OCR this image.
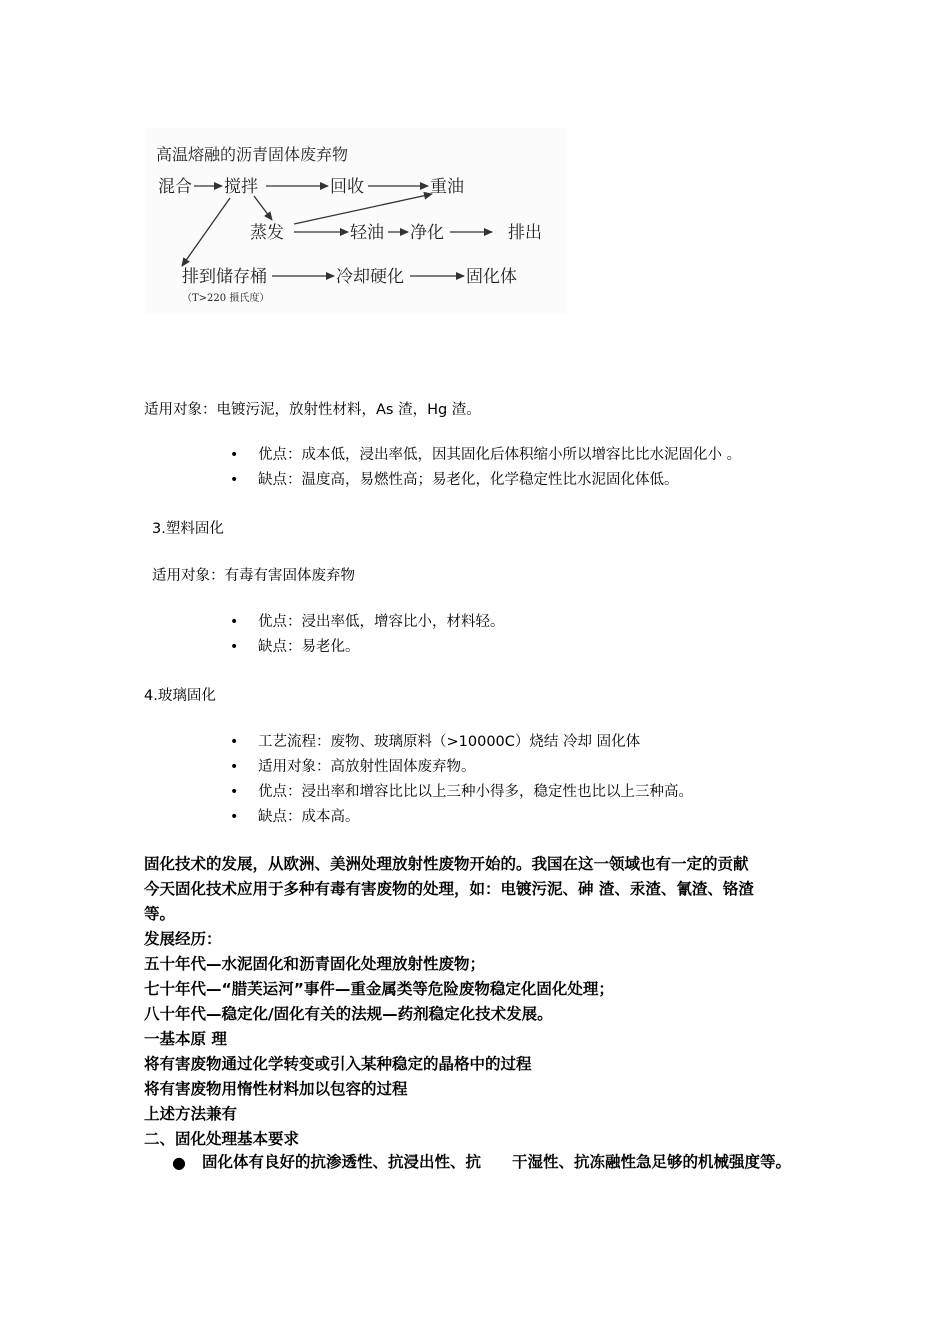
高温熔融的沥青固体废弃物
混合 搅拌	回收	重油
蒸发	轻油 净化	排出
排到储存桶	冷却硬化	固化体
（T>220 摄氏度）
适用对象：电镀污泥，放射性材料，As 渣，Hg 渣。
• 优点：成本低，浸出率低，因其固化后体积缩小所以增容比比水泥固化小 。
• 缺点：温度高，易燃性高；易老化，化学稳定性比水泥固化体低。
3.塑料固化
适用对象：有毒有害固体废弃物
• 优点：浸出率低，增容比小，材料轻。
• 缺点：易老化。
4.玻璃固化
• 工艺流程：废物、玻璃原料（>10000C）烧结 冷却 固化体
• 适用对象：高放射性固体废弃物。
• 优点：浸出率和增容比比以上三种小得多，稳定性也比以上三种高。
• 缺点：成本高。
固化技术的发展，从欧洲、美洲处理放射性废物开始的。我国在这一领域也有一定的贡献
今天固化技术应用于多种有毒有害废物的处理，如：电镀污泥、砷 渣、汞渣、氰渣、铬渣
等。
发展经历：
五十年代—水泥固化和沥青固化处理放射性废物；
七十年代—“腊芙运河”事件—重金属类等危险废物稳定化固化处理；
八十年代—稳定化/固化有关的法规—药剂稳定化技术发展。
一基本原 理
将有害废物通过化学转变或引入某种稳定的晶格中的过程
将有害废物用惰性材料加以包容的过程
上述方法兼有
二、固化处理基本要求
● 固化体有良好的抗渗透性、抗浸出性、抗　　干湿性、抗冻融性急足够的机械强度等。
